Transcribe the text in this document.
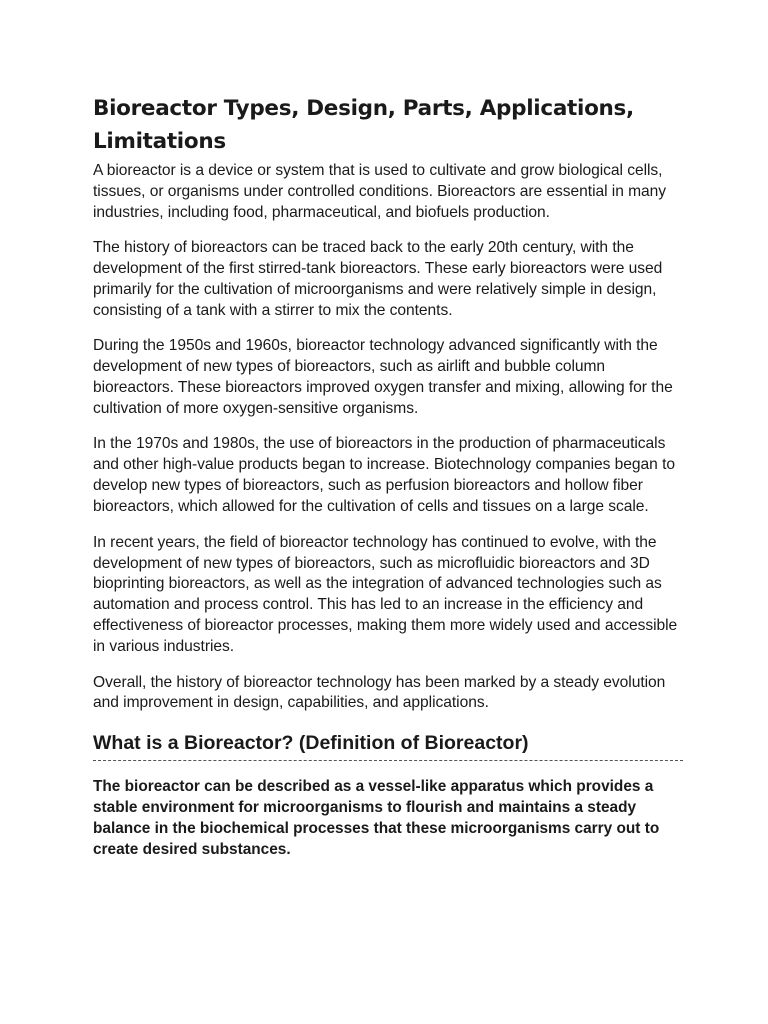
Bioreactor Types, Design, Parts, Applications, Limitations

A bioreactor is a device or system that is used to cultivate and grow biological cells, tissues, or organisms under controlled conditions. Bioreactors are essential in many industries, including food, pharmaceutical, and biofuels production.

The history of bioreactors can be traced back to the early 20th century, with the development of the first stirred-tank bioreactors. These early bioreactors were used primarily for the cultivation of microorganisms and were relatively simple in design, consisting of a tank with a stirrer to mix the contents.

During the 1950s and 1960s, bioreactor technology advanced significantly with the development of new types of bioreactors, such as airlift and bubble column bioreactors. These bioreactors improved oxygen transfer and mixing, allowing for the cultivation of more oxygen-sensitive organisms.

In the 1970s and 1980s, the use of bioreactors in the production of pharmaceuticals and other high-value products began to increase. Biotechnology companies began to develop new types of bioreactors, such as perfusion bioreactors and hollow fiber bioreactors, which allowed for the cultivation of cells and tissues on a large scale.

In recent years, the field of bioreactor technology has continued to evolve, with the development of new types of bioreactors, such as microfluidic bioreactors and 3D bioprinting bioreactors, as well as the integration of advanced technologies such as automation and process control. This has led to an increase in the efficiency and effectiveness of bioreactor processes, making them more widely used and accessible in various industries.

Overall, the history of bioreactor technology has been marked by a steady evolution and improvement in design, capabilities, and applications.

What is a Bioreactor? (Definition of Bioreactor)

The bioreactor can be described as a vessel-like apparatus which provides a stable environment for microorganisms to flourish and maintains a steady balance in the biochemical processes that these microorganisms carry out to create desired substances.
